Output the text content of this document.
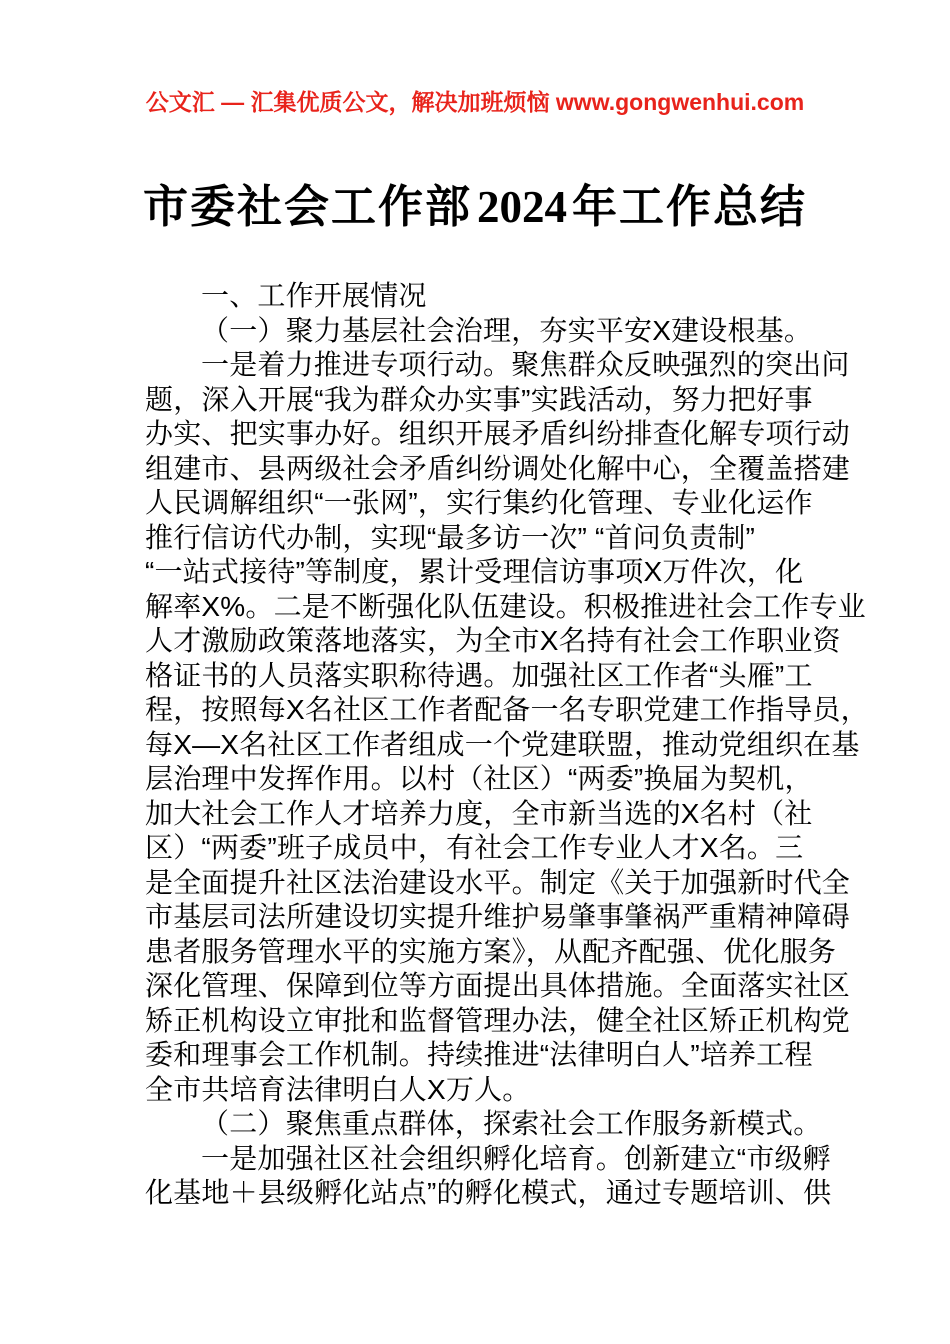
公文汇 — 汇集优质公文，解决加班烦恼 www.gongwenhui.com
市委社会工作部 2024 年工作总结
一、工作开展情况
（一）聚力基层社会治理，夯实平安X建设根基。
一是着力推进专项行动。聚焦群众反映强烈的突出问
题，深入开展“我为群众办实事”实践活动，努力把好事
办实、把实事办好。组织开展矛盾纠纷排查化解专项行动
组建市、县两级社会矛盾纠纷调处化解中心，全覆盖搭建
人民调解组织“一张网”，实行集约化管理、专业化运作
推行信访代办制，实现“最多访一次” “首问负责制”
“一站式接待”等制度，累计受理信访事项X万件次，化
解率X%。二是不断强化队伍建设。积极推进社会工作专业
人才激励政策落地落实，为全市X名持有社会工作职业资
格证书的人员落实职称待遇。加强社区工作者“头雁”工
程，按照每X名社区工作者配备一名专职党建工作指导员，
每X—X名社区工作者组成一个党建联盟，推动党组织在基
层治理中发挥作用。以村（社区）“两委”换届为契机，
加大社会工作人才培养力度，全市新当选的X名村（社
区）“两委”班子成员中，有社会工作专业人才X名。三
是全面提升社区法治建设水平。制定《关于加强新时代全
市基层司法所建设切实提升维护易肇事肇祸严重精神障碍
患者服务管理水平的实施方案》，从配齐配强、优化服务
深化管理、保障到位等方面提出具体措施。全面落实社区
矫正机构设立审批和监督管理办法，健全社区矫正机构党
委和理事会工作机制。持续推进“法律明白人”培养工程
全市共培育法律明白人X万人。
（二）聚焦重点群体，探索社会工作服务新模式。
一是加强社区社会组织孵化培育。创新建立“市级孵
化基地＋县级孵化站点”的孵化模式，通过专题培训、供
